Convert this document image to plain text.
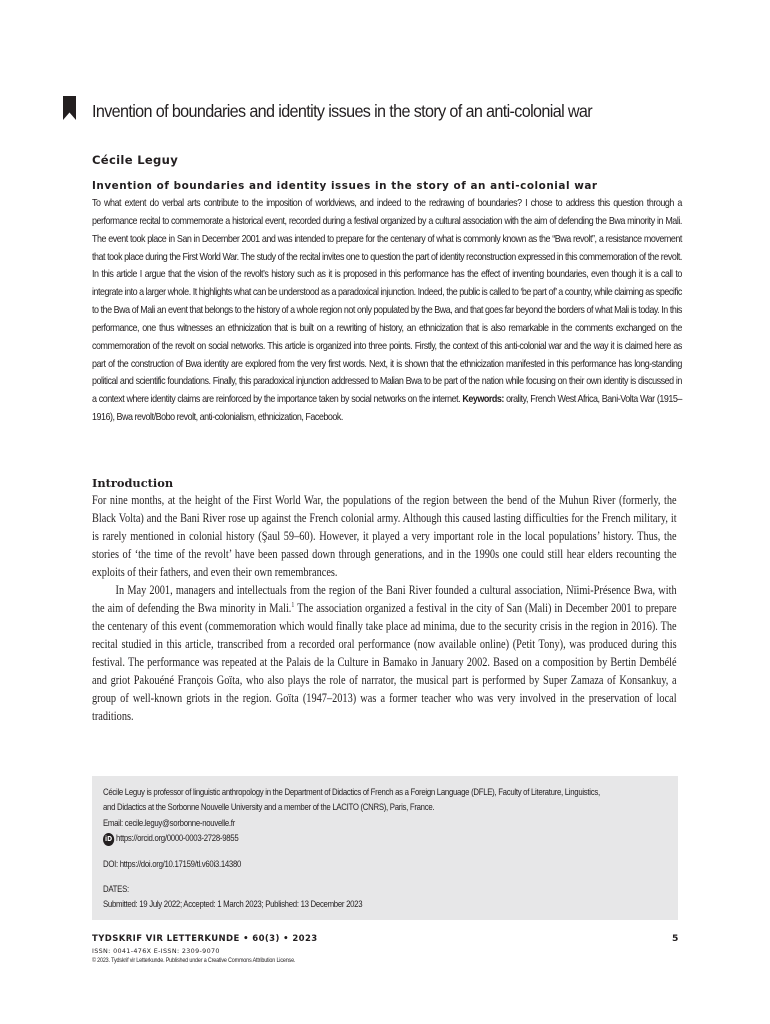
Invention of boundaries and identity issues in the story of an anti-colonial war

Cécile Leguy

Invention of boundaries and identity issues in the story of an anti-colonial war

To what extent do verbal arts contribute to the imposition of worldviews, and indeed to the redrawing of boundaries? I chose to address this question through a performance recital to commemorate a historical event, recorded during a festival organized by a cultural association with the aim of defending the Bwa minority in Mali. The event took place in San in December 2001 and was intended to prepare for the centenary of what is commonly known as the “Bwa revolt”, a resistance movement that took place during the First World War. The study of the recital invites one to question the part of identity reconstruction expressed in this commemoration of the revolt. In this article I argue that the vision of the revolt’s history such as it is proposed in this performance has the effect of inventing boundaries, even though it is a call to integrate into a larger whole. It highlights what can be understood as a paradoxical injunction. Indeed, the public is called to ‘be part of’ a country, while claiming as specific to the Bwa of Mali an event that belongs to the history of a whole region not only populated by the Bwa, and that goes far beyond the borders of what Mali is today. In this performance, one thus witnesses an ethnicization that is built on a rewriting of history, an ethnicization that is also remarkable in the comments exchanged on the commemoration of the revolt on social networks. This article is organized into three points. Firstly, the context of this anti-colonial war and the way it is claimed here as part of the construction of Bwa identity are explored from the very first words. Next, it is shown that the ethnicization manifested in this performance has long-standing political and scientific foundations. Finally, this paradoxical injunction addressed to Malian Bwa to be part of the nation while focusing on their own identity is discussed in a context where identity claims are reinforced by the importance taken by social networks on the internet. Keywords: orality, French West Africa, Bani-Volta War (1915–1916), Bwa revolt/Bobo revolt, anti-colonialism, ethnicization, Facebook.

Introduction

For nine months, at the height of the First World War, the populations of the region between the bend of the Muhun River (formerly, the Black Volta) and the Bani River rose up against the French colonial army. Although this caused lasting difficulties for the French military, it is rarely mentioned in colonial history (Şaul 59–60). However, it played a very important role in the local populations’ history. Thus, the stories of ‘the time of the revolt’ have been passed down through generations, and in the 1990s one could still hear elders recounting the exploits of their fathers, and even their own remembrances.

In May 2001, managers and intellectuals from the region of the Bani River founded a cultural association, Nïimi-Présence Bwa, with the aim of defending the Bwa minority in Mali.$^1$ The association organized a festival in the city of San (Mali) in December 2001 to prepare the centenary of this event (commemoration which would finally take place ad minima, due to the security crisis in the region in 2016). The recital studied in this article, transcribed from a recorded oral performance (now available online) (Petit Tony), was produced during this festival. The performance was repeated at the Palais de la Culture in Bamako in January 2002. Based on a composition by Bertin Dembélé and griot Pakouéné François Goïta, who also plays the role of narrator, the musical part is performed by Super Zamaza of Konsankuy, a group of well-known griots in the region. Goïta (1947–2013) was a former teacher who was very involved in the preservation of local traditions.

Cécile Leguy is professor of linguistic anthropology in the Department of Didactics of French as a Foreign Language (DFLE), Faculty of Literature, Linguistics,
and Didactics at the Sorbonne Nouvelle University and a member of the LACITO (CNRS), Paris, France.
Email: cecile.leguy@sorbonne-nouvelle.fr
iD https://orcid.org/0000-0003-2728-9855
DOI: https://doi.org/10.17159/tl.v60i3.14380
DATES:
Submitted: 19 July 2022; Accepted: 1 March 2023; Published: 13 December 2023

TYDSKRIF VIR LETTERKUNDE • 60(3) • 2023

ISSN: 0041-476X E-ISSN: 2309-9070
© 2023. Tydskrif vir Letterkunde. Published under a Creative Commons Attribution License.
5
